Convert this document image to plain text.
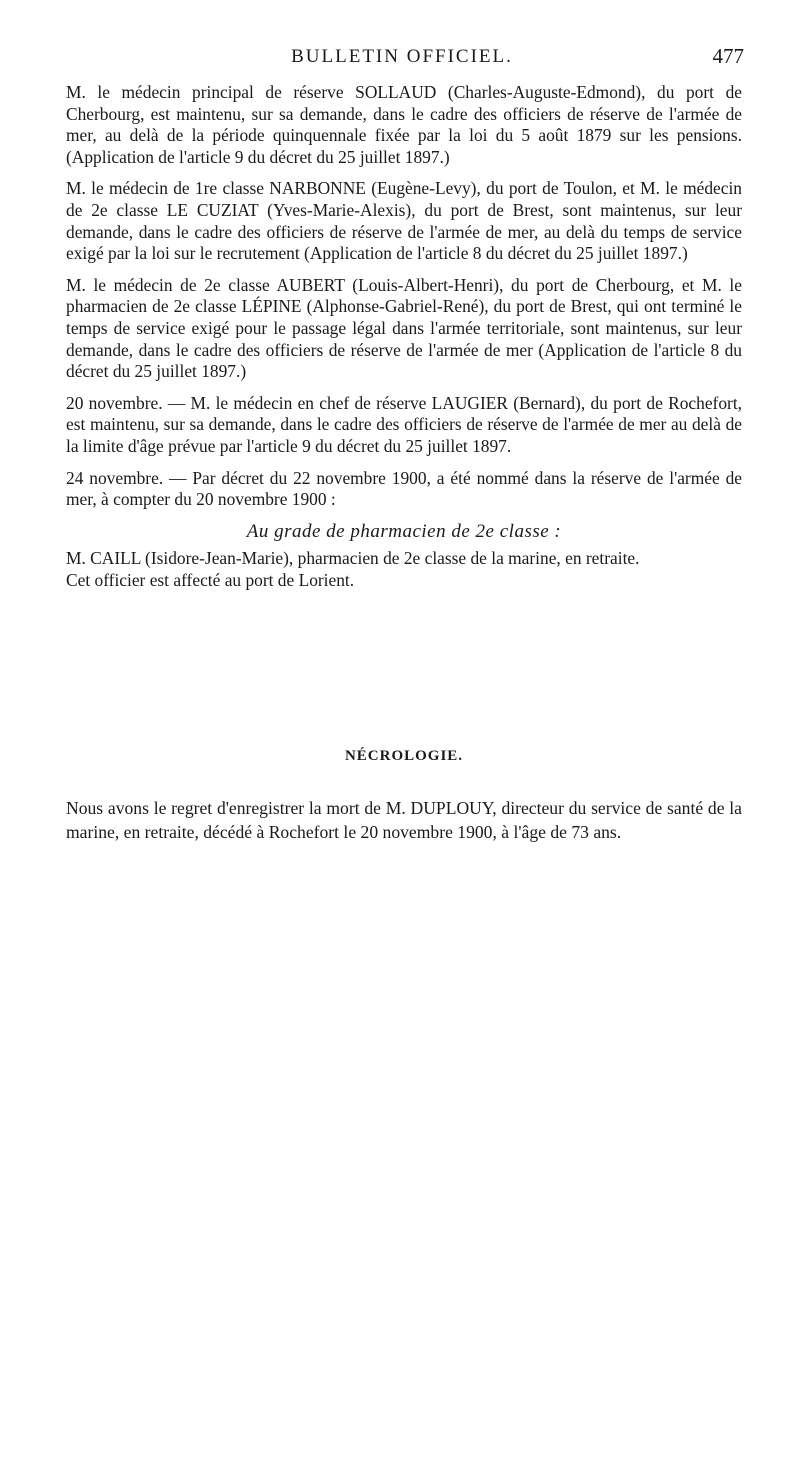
BULLETIN OFFICIEL.	477

M. le médecin principal de réserve SOLLAUD (Charles-Auguste-Edmond), du port de Cherbourg, est maintenu, sur sa demande, dans le cadre des officiers de réserve de l'armée de mer, au delà de la période quinquennale fixée par la loi du 5 août 1879 sur les pensions. (Application de l'article 9 du décret du 25 juillet 1897.)

M. le médecin de 1re classe NARBONNE (Eugène-Levy), du port de Toulon, et M. le médecin de 2e classe LE CUZIAT (Yves-Marie-Alexis), du port de Brest, sont maintenus, sur leur demande, dans le cadre des officiers de réserve de l'armée de mer, au delà du temps de service exigé par la loi sur le recrutement (Application de l'article 8 du décret du 25 juillet 1897.)

M. le médecin de 2e classe AUBERT (Louis-Albert-Henri), du port de Cherbourg, et M. le pharmacien de 2e classe LÉPINE (Alphonse-Gabriel-René), du port de Brest, qui ont terminé le temps de service exigé pour le passage légal dans l'armée territoriale, sont maintenus, sur leur demande, dans le cadre des officiers de réserve de l'armée de mer (Application de l'article 8 du décret du 25 juillet 1897.)

20 novembre. — M. le médecin en chef de réserve LAUGIER (Bernard), du port de Rochefort, est maintenu, sur sa demande, dans le cadre des officiers de réserve de l'armée de mer au delà de la limite d'âge prévue par l'article 9 du décret du 25 juillet 1897.

24 novembre. — Par décret du 22 novembre 1900, a été nommé dans la réserve de l'armée de mer, à compter du 20 novembre 1900 :

Au grade de pharmacien de 2e classe :

M. CAILL (Isidore-Jean-Marie), pharmacien de 2e classe de la marine, en retraite.

Cet officier est affecté au port de Lorient.

NÉCROLOGIE.

Nous avons le regret d'enregistrer la mort de M. DUPLOUY, directeur du service de santé de la marine, en retraite, décédé à Rochefort le 20 novembre 1900, à l'âge de 73 ans.
